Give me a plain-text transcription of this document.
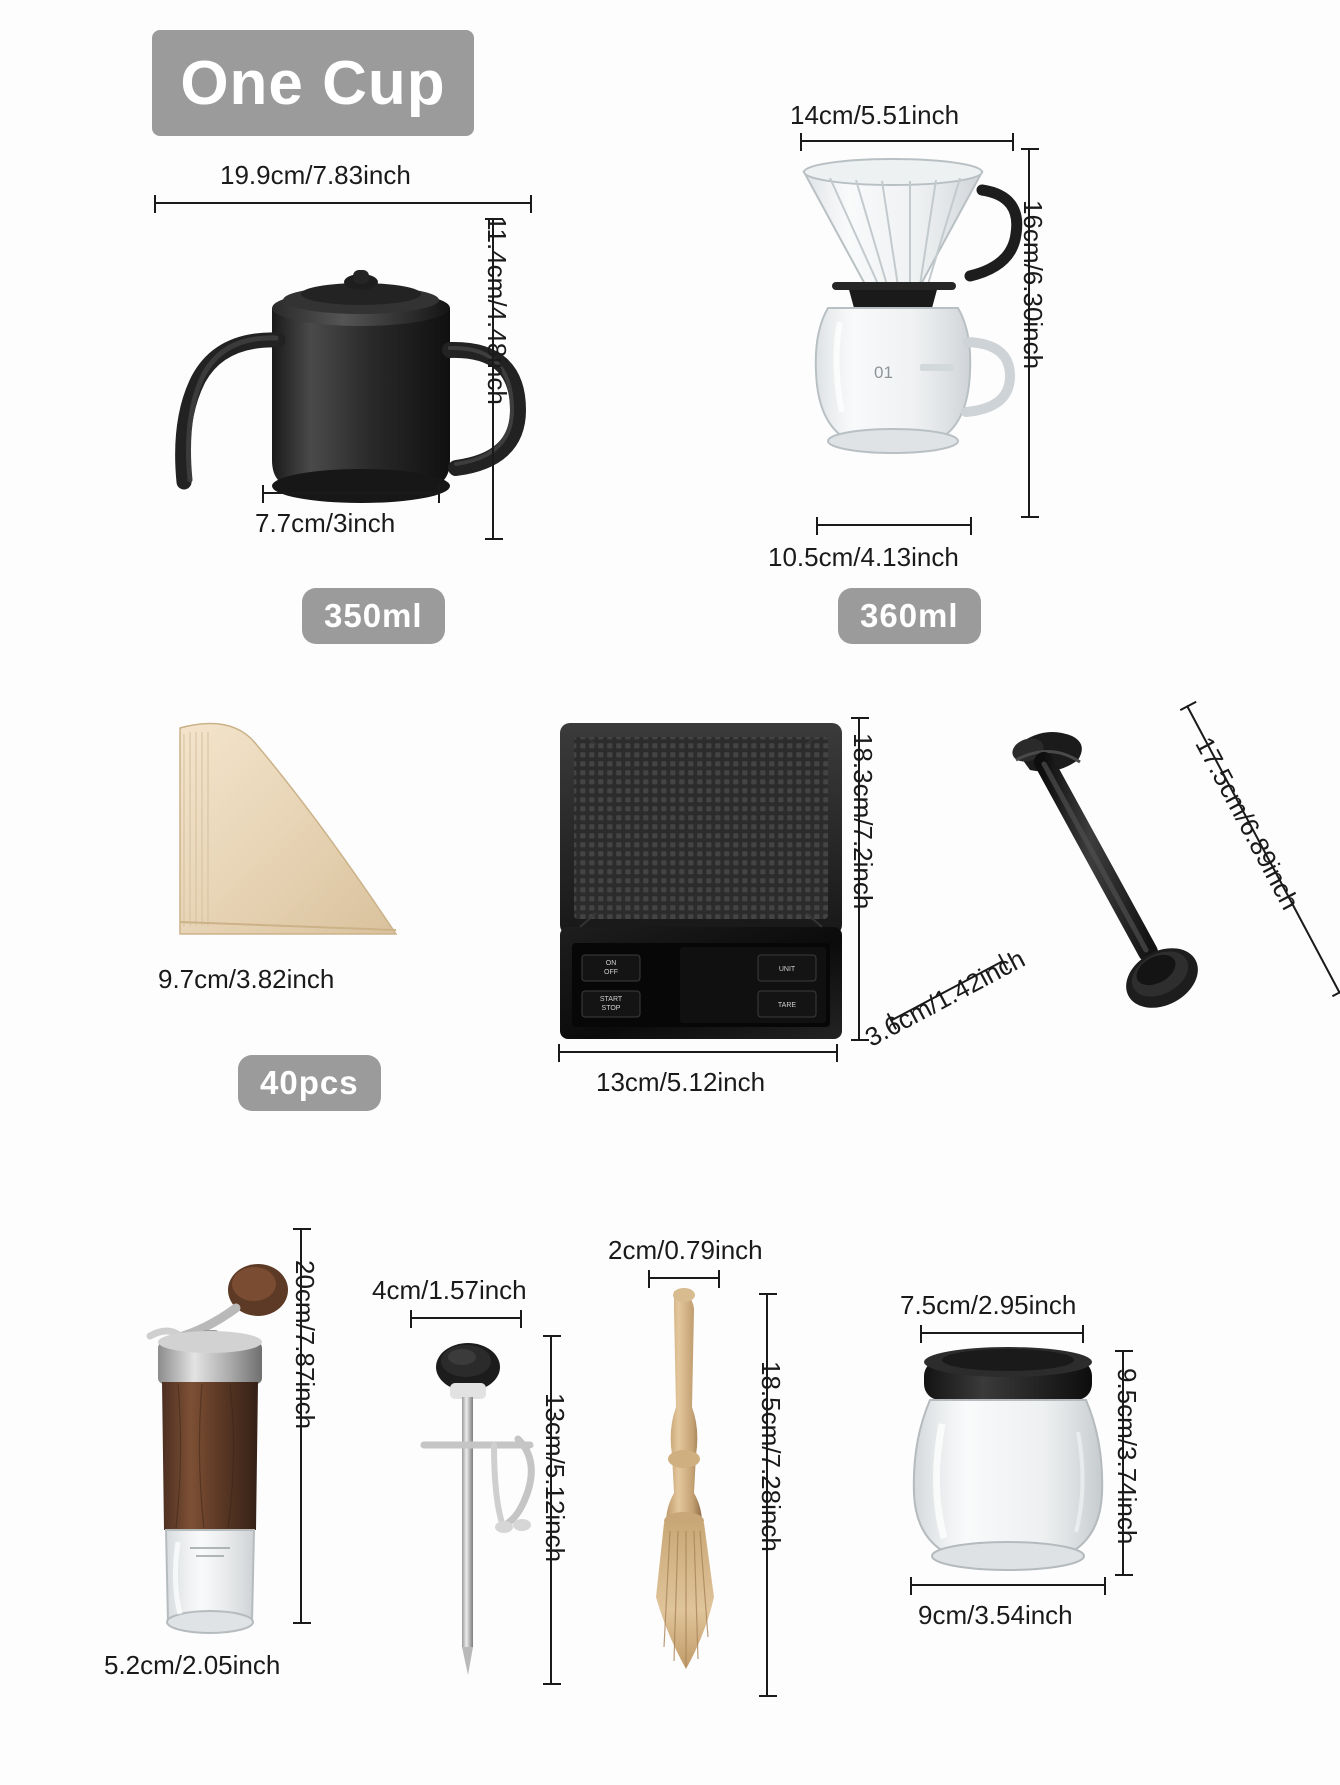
One Cup
19.9cm/7.83inch
11.4cm/4.48inch
7.7cm/3inch
350ml
14cm/5.51inch
01
16cm/6.30inch
10.5cm/4.13inch
360ml
9.7cm/3.82inch
40pcs
ON
OFF
START
STOP
UNIT
TARE
18.3cm/7.2inch
13cm/5.12inch
17.5cm/6.89inch
3.6cm/1.42inch
20cm/7.87inch
5.2cm/2.05inch
4cm/1.57inch
13cm/5.12inch
2cm/0.79inch
18.5cm/7.28inch
7.5cm/2.95inch
9.5cm/3.74inch
9cm/3.54inch
